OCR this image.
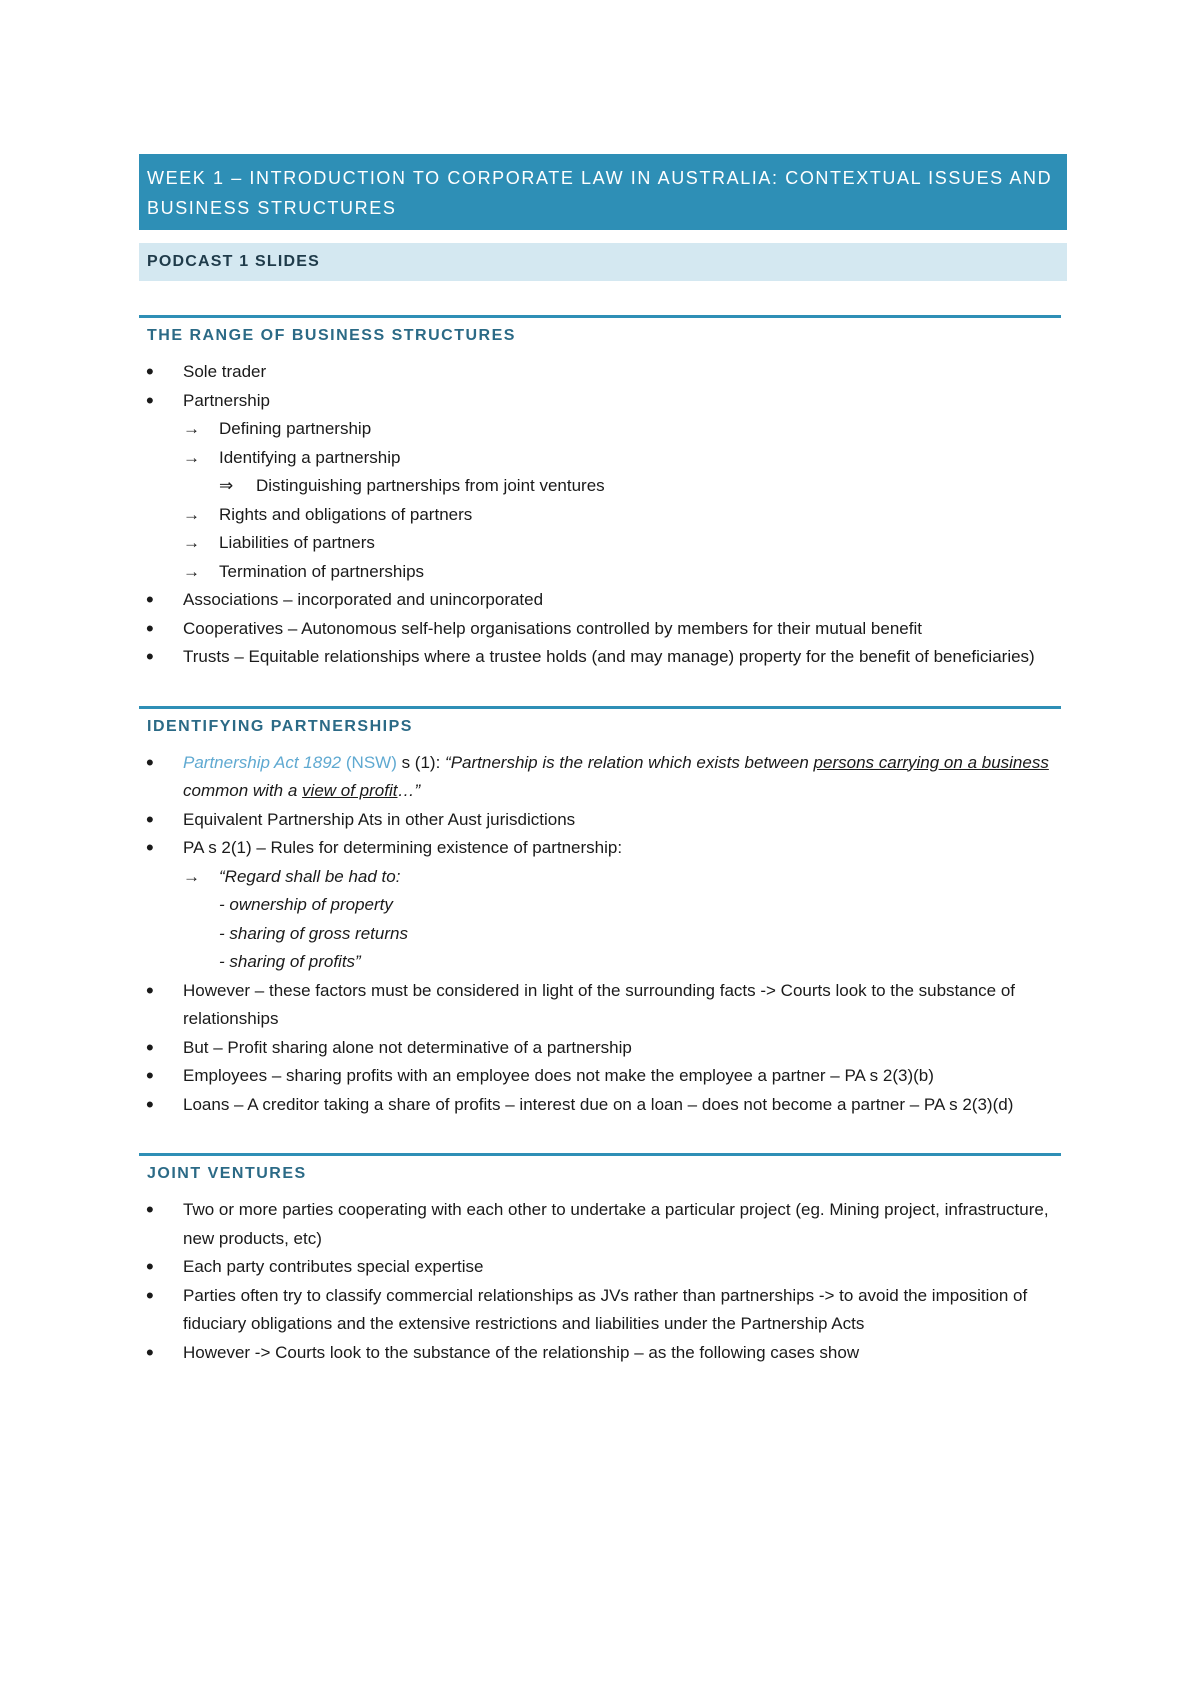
WEEK 1 – INTRODUCTION TO CORPORATE LAW IN AUSTRALIA: CONTEXTUAL ISSUES AND BUSINESS STRUCTURES
PODCAST 1 SLIDES
THE RANGE OF BUSINESS STRUCTURES
• Sole trader
• Partnership
→ Defining partnership
→ Identifying a partnership
⇒ Distinguishing partnerships from joint ventures
→ Rights and obligations of partners
→ Liabilities of partners
→ Termination of partnerships
• Associations – incorporated and unincorporated
• Cooperatives – Autonomous self-help organisations controlled by members for their mutual benefit
• Trusts – Equitable relationships where a trustee holds (and may manage) property for the benefit of beneficiaries)
IDENTIFYING PARTNERSHIPS
• Partnership Act 1892 (NSW) s (1): “Partnership is the relation which exists between persons carrying on a business common with a view of profit…”
• Equivalent Partnership Ats in other Aust jurisdictions
• PA s 2(1) – Rules for determining existence of partnership:
→ “Regard shall be had to:
- ownership of property
- sharing of gross returns
- sharing of profits”
• However – these factors must be considered in light of the surrounding facts -> Courts look to the substance of relationships
• But – Profit sharing alone not determinative of a partnership
• Employees – sharing profits with an employee does not make the employee a partner – PA s 2(3)(b)
• Loans – A creditor taking a share of profits – interest due on a loan – does not become a partner – PA s 2(3)(d)
JOINT VENTURES
• Two or more parties cooperating with each other to undertake a particular project (eg. Mining project, infrastructure, new products, etc)
• Each party contributes special expertise
• Parties often try to classify commercial relationships as JVs rather than partnerships -> to avoid the imposition of fiduciary obligations and the extensive restrictions and liabilities under the Partnership Acts
• However -> Courts look to the substance of the relationship – as the following cases show
